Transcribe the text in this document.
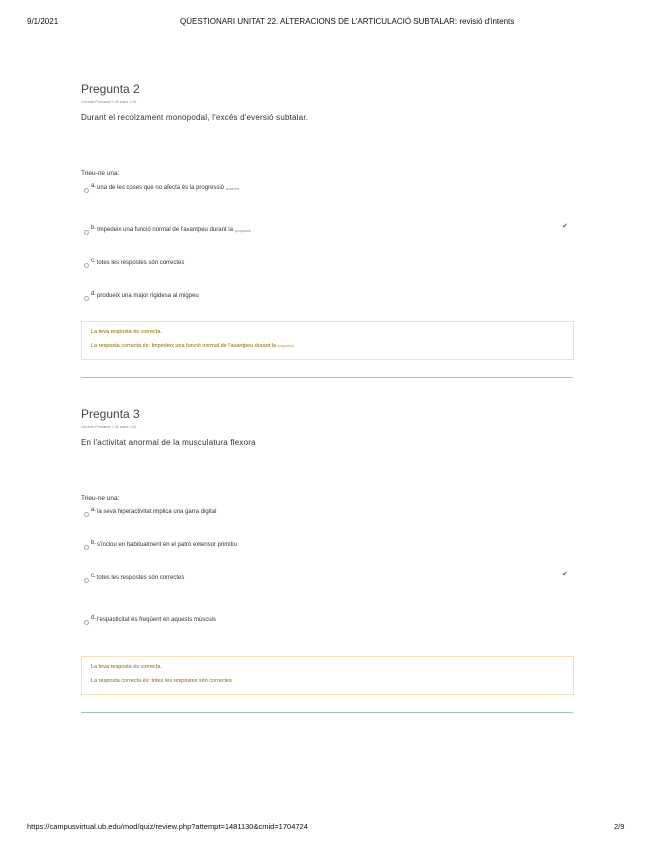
9/1/2021	QÜESTIONARI UNITAT 22. ALTERACIONS DE L'ARTICULACIÓ SUBTALAR: revisió d'intents
Pregunta 2
Correcte Puntuació 1,00 sobre 1,00
Durant el recolzament monopodal, l'excés d'eversió subtalar.
Trieu-ne una:
a. una de les coses que no afecta és la progressió anterior
b. Impedeix una funció normal de l'avantpeu durant la propulsió
✔
c. totes les respostes són correctes
d. produeix una major rigidesa al migpeu
La teva resposta és correcta.
La resposta correcta és: Impedeix una funció normal de l'avantpeu durant la propulsió
Pregunta 3
Correcte Puntuació 1,00 sobre 1,00
En l'activitat anormal de la musculatura flexora
Trieu-ne una:
a. la seva hiperactivitat implica una garra digital
b. s'inclou en habitualment en el patró extensor primitiu
c. totes les respostes són correctes	✔
d. l'espasticitat és freqüent en aquests músculs
La teva resposta és correcta.
La resposta correcta és: totes les respostes són correctes
https://campusvirtual.ub.edu/mod/quiz/review.php?attempt=1481130&cmid=1704724	2/9
